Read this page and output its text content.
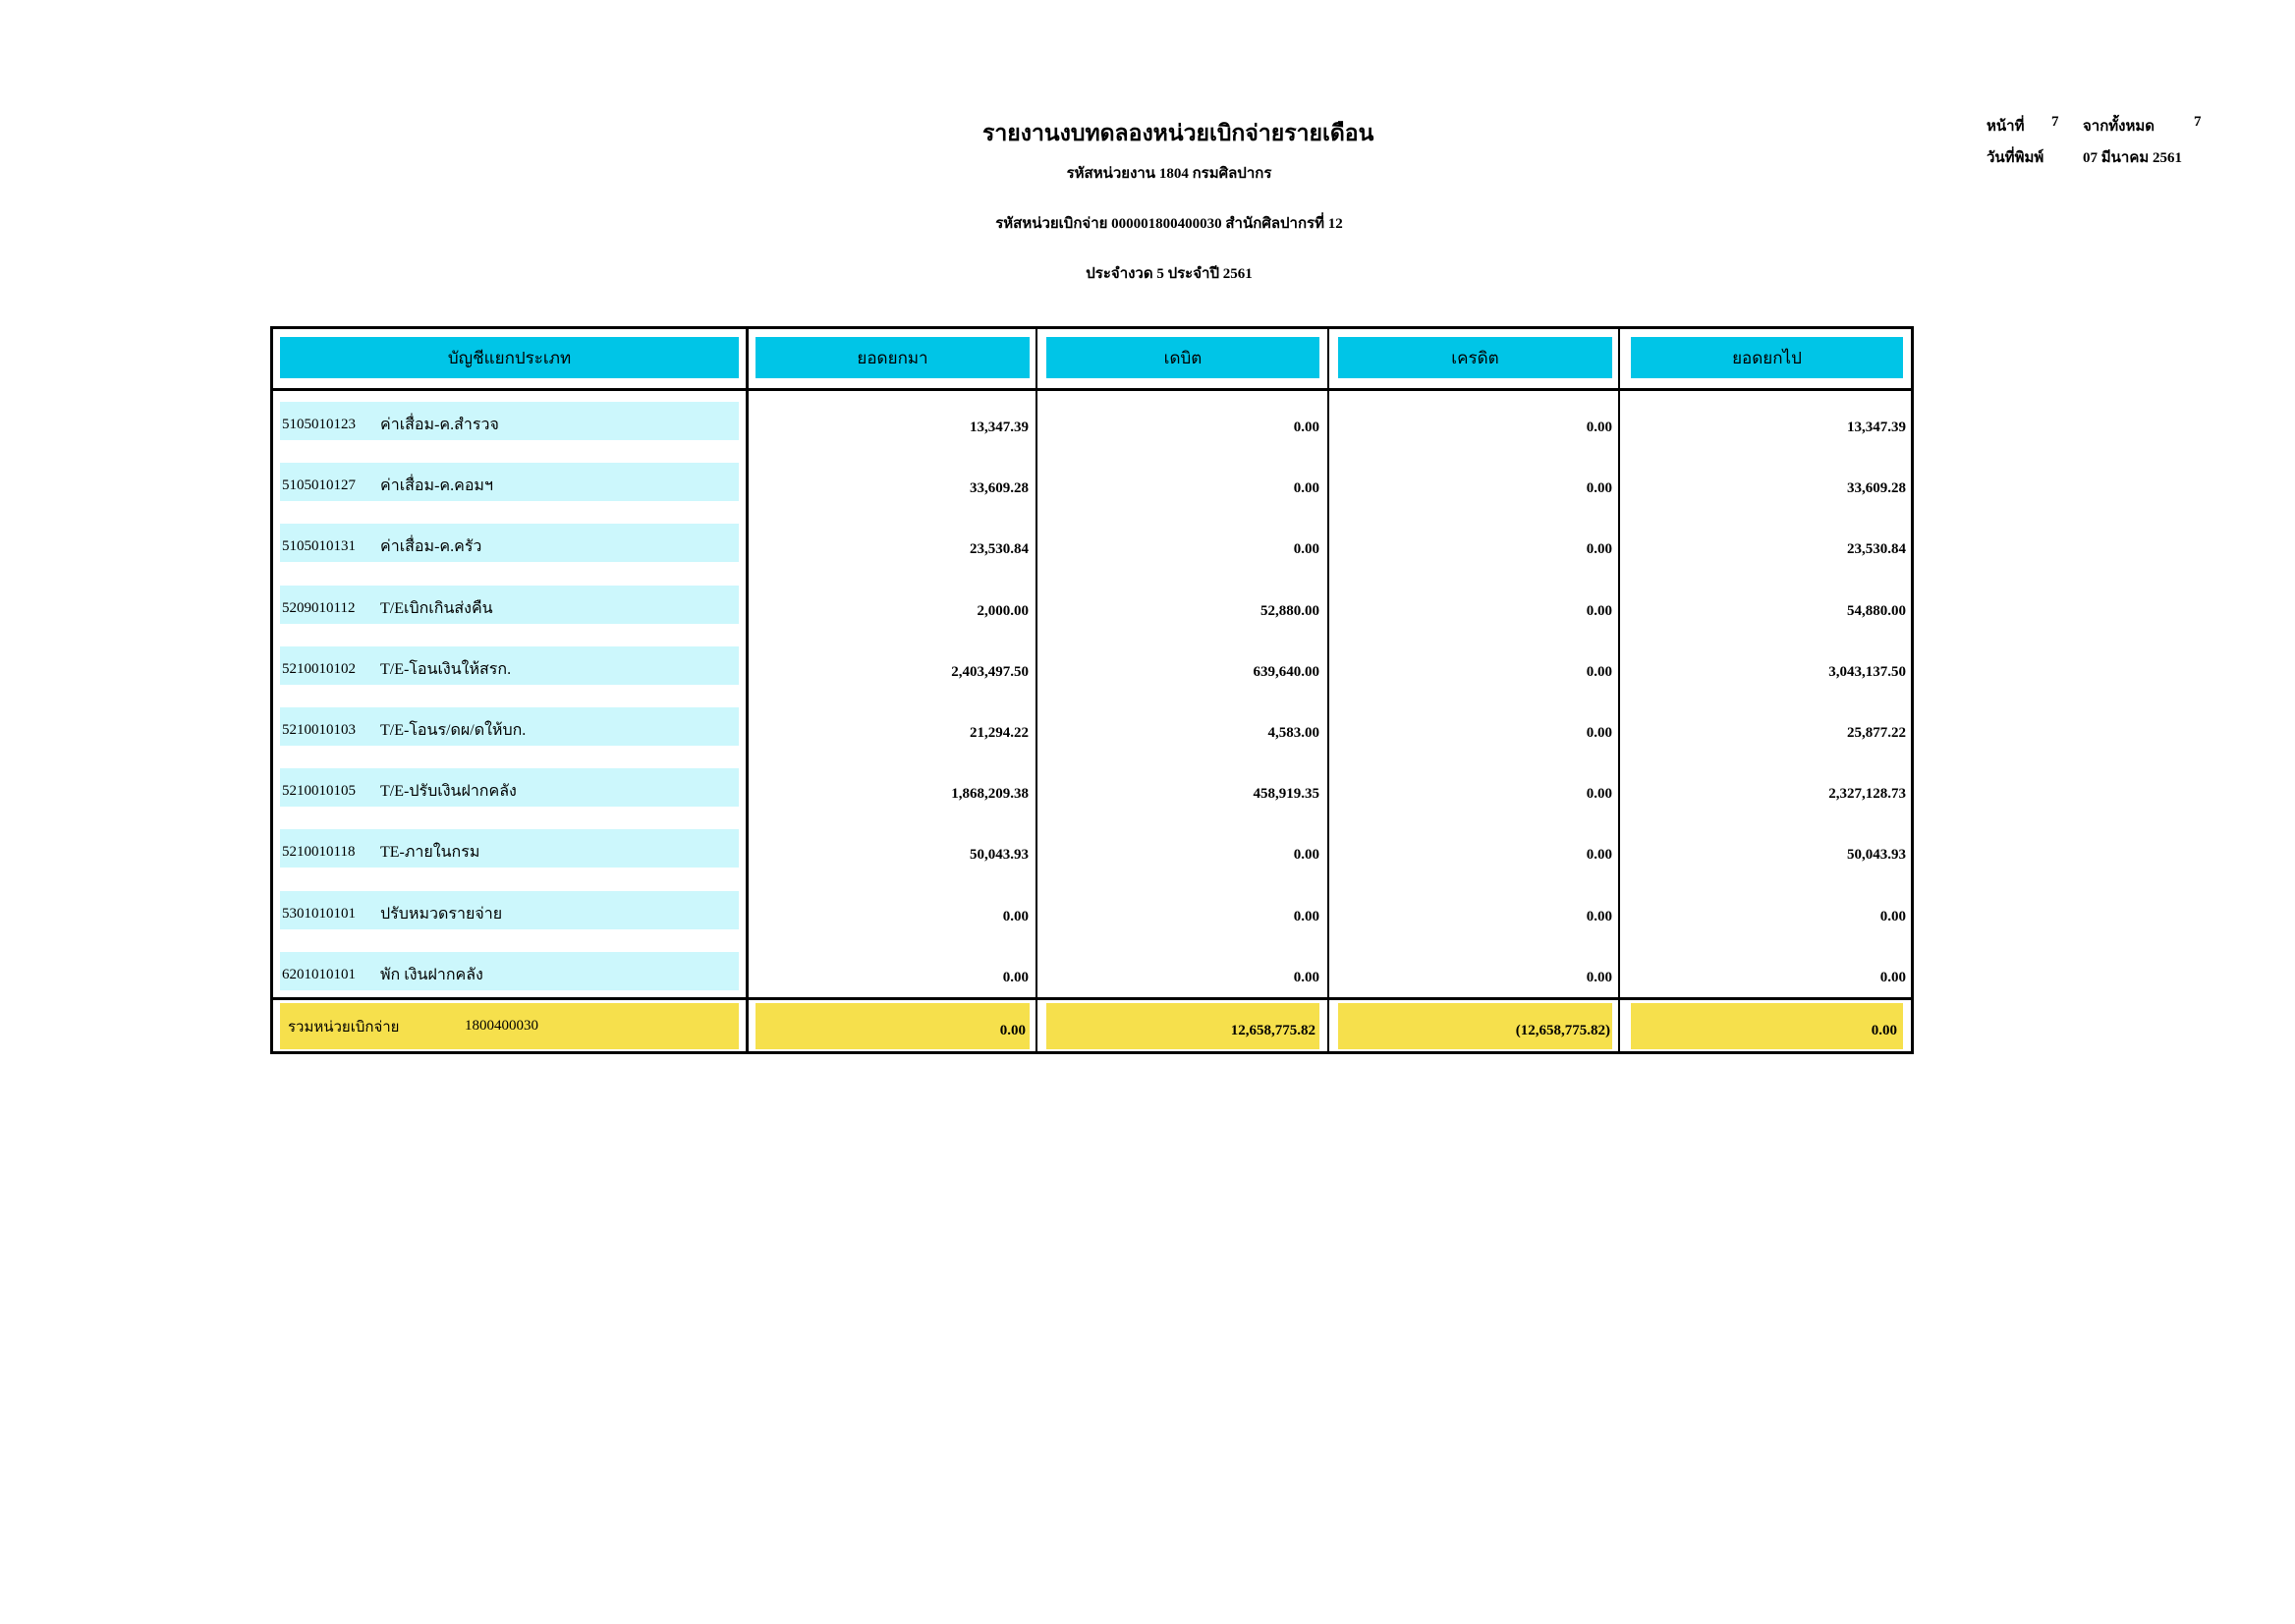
รายงานงบทดลองหน่วยเบิกจ่ายรายเดือน
รหัสหน่วยงาน 1804 กรมศิลปากร
รหัสหน่วยเบิกจ่าย 000001800400030 สำนักศิลปากรที่ 12
ประจำงวด 5 ประจำปี 2561
หน้าที่ 7 จากทั้งหมด	7
วันที่พิมพ์	07 มีนาคม 2561
บัญชีแยกประเภท	ยอดยกมา	เดบิต	เครดิต	ยอดยกไป
5105010123	ค่าเสื่อม-ค.สำรวจ	13,347.39	0.00	0.00	13,347.39
5105010127	ค่าเสื่อม-ค.คอมฯ	33,609.28	0.00	0.00	33,609.28
5105010131	ค่าเสื่อม-ค.ครัว	23,530.84	0.00	0.00	23,530.84
5209010112	T/Eเบิกเกินส่งคืน	2,000.00	52,880.00	0.00	54,880.00
5210010102	T/E-โอนเงินให้สรก.	2,403,497.50	639,640.00	0.00	3,043,137.50
5210010103	T/E-โอนร/ดผ/ดให้บก.	21,294.22	4,583.00	0.00	25,877.22
5210010105	T/E-ปรับเงินฝากคลัง	1,868,209.38	458,919.35	0.00	2,327,128.73
5210010118	TE-ภายในกรม	50,043.93	0.00	0.00	50,043.93
5301010101	ปรับหมวดรายจ่าย	0.00	0.00	0.00	0.00
6201010101	พัก เงินฝากคลัง	0.00	0.00	0.00	0.00
รวมหน่วยเบิกจ่าย	1800400030	0.00	12,658,775.82	(12,658,775.82)	0.00
